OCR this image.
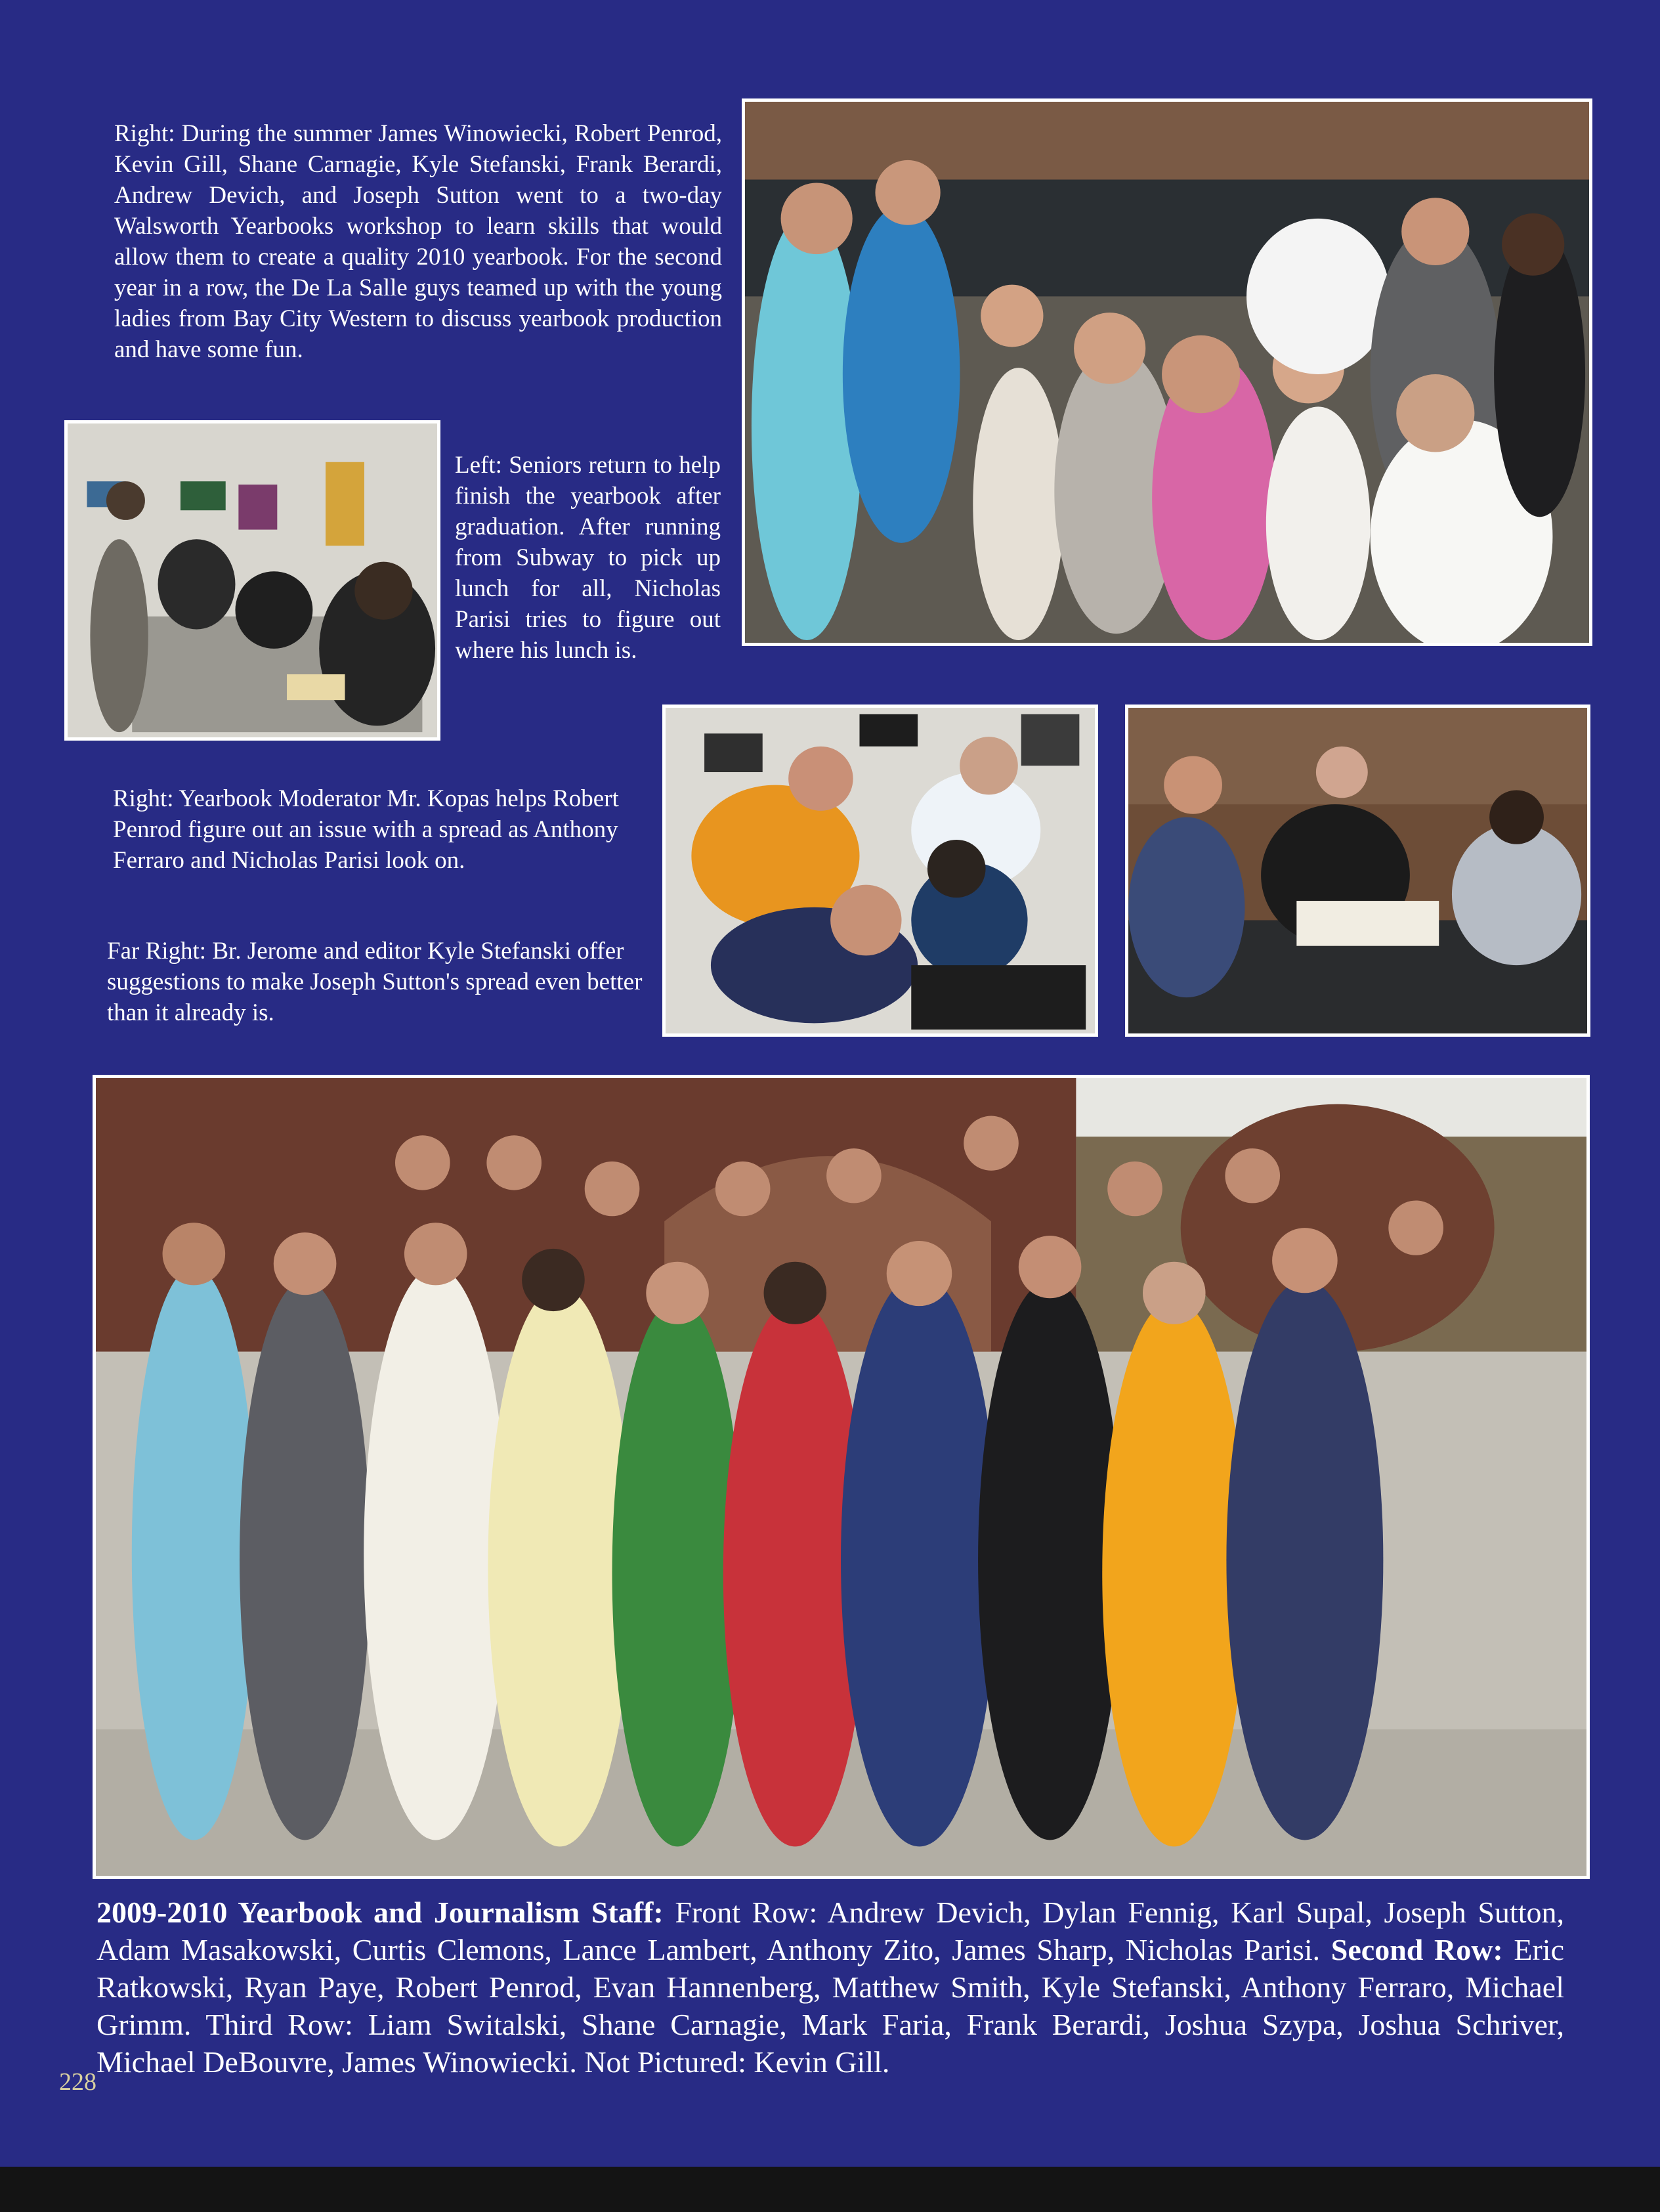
Right: During the summer James Winowiecki, Robert Penrod, Kevin Gill, Shane Carnagie, Kyle Stefanski, Frank Berardi, Andrew Devich, and Joseph Sutton went to a two-day Walsworth Yearbooks workshop to learn skills that would allow them to create a quality 2010 yearbook. For the second year in a row, the De La Salle guys teamed up with the young ladies from Bay City Western to discuss yearbook production and have some fun.
Left: Seniors return to help finish the yearbook after graduation. After running from Subway to pick up lunch for all, Nicholas Parisi tries to figure out where his lunch is.
Right: Yearbook Moderator Mr. Kopas helps Robert Penrod figure out an issue with a spread as Anthony Ferraro and Nicholas Parisi look on.
Far Right: Br. Jerome and editor Kyle Stefanski offer suggestions to make Joseph Sutton's spread even better than it already is.
2009-2010 Yearbook and Journalism Staff: Front Row: Andrew Devich, Dylan Fennig, Karl Supal, Joseph Sutton, Adam Masakowski, Curtis Clemons, Lance Lambert, Anthony Zito, James Sharp, Nicholas Parisi. Second Row: Eric Ratkowski, Ryan Paye, Robert Penrod, Evan Hannenberg, Matthew Smith, Kyle Stefanski, Anthony Ferraro, Michael Grimm. Third Row: Liam Switalski, Shane Carnagie, Mark Faria, Frank Berardi, Joshua Szypa, Joshua Schriver, Michael DeBouvre, James Winowiecki. Not Pictured: Kevin Gill.
228
